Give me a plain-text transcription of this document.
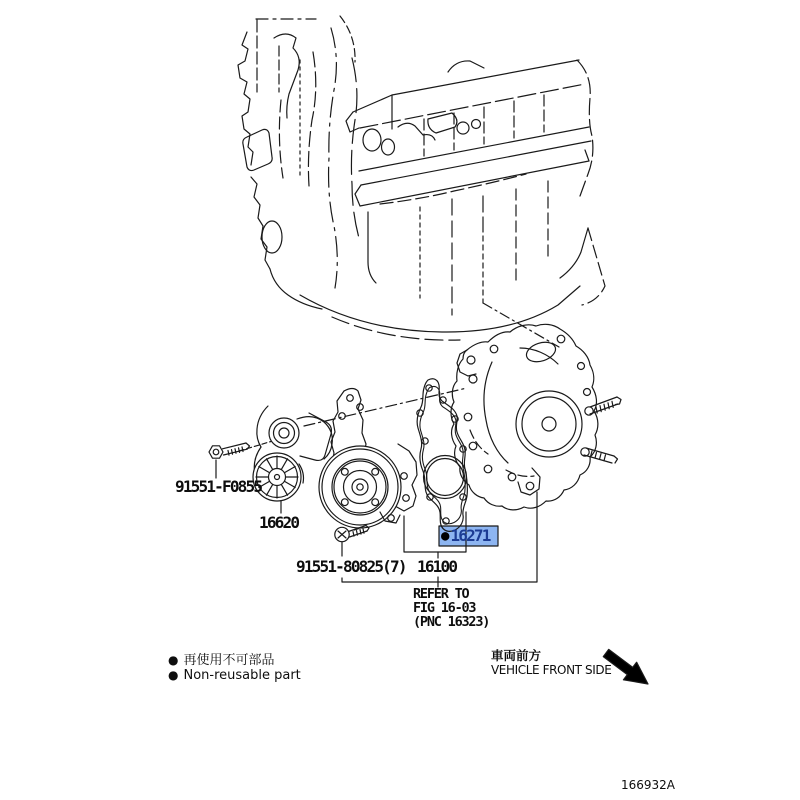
91551-F0855
16620
91551-80825(7) 16100
● 16271
REFER TO
FIG 16-03
(PNC 16323)
● 再使用不可部品
● Non-reusable part
車両前方
VEHICLE FRONT SIDE
166932A
